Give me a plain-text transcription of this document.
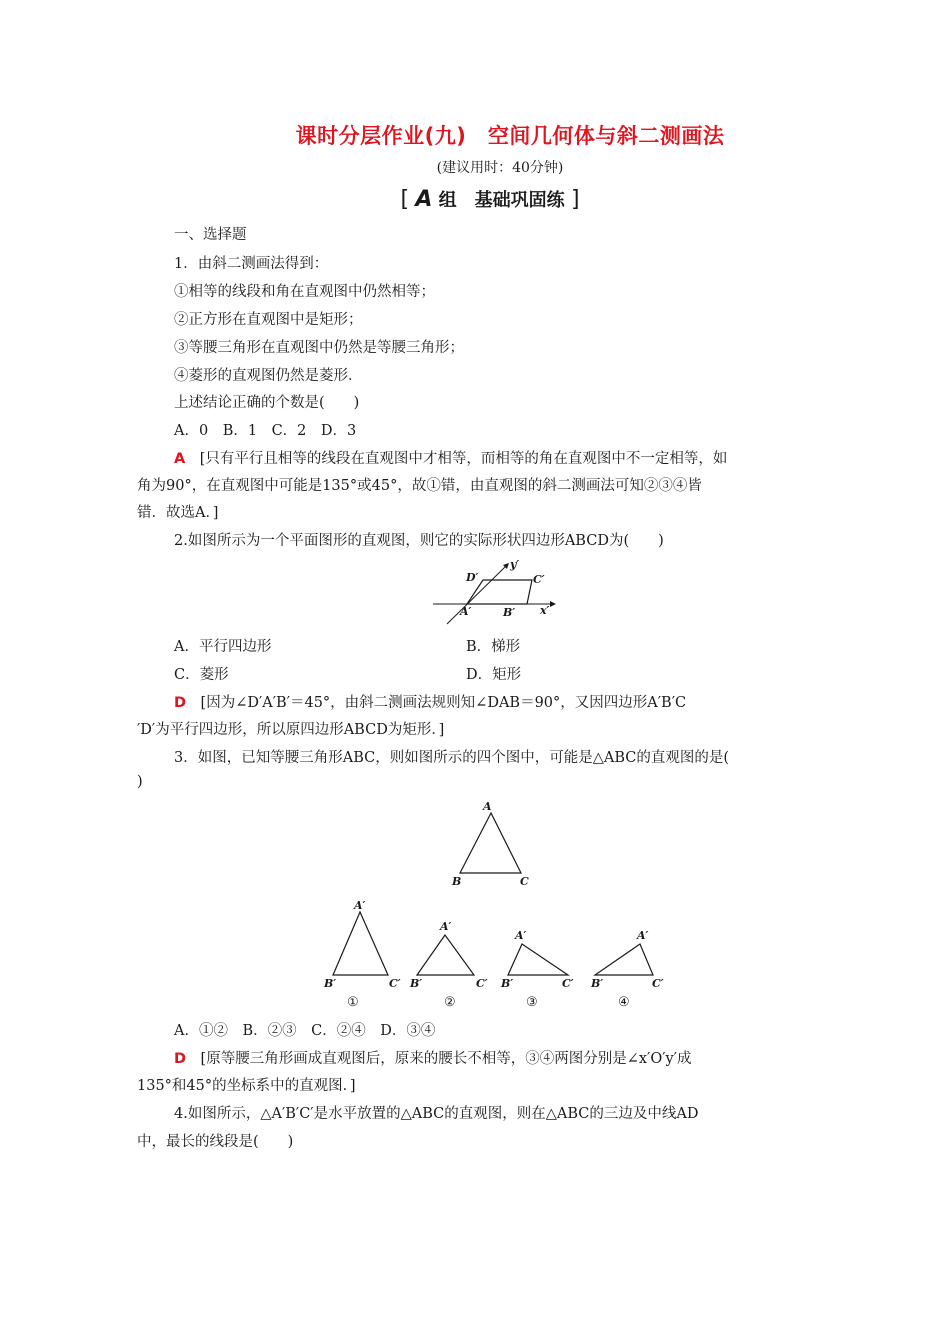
课时分层作业(九)　空间几何体与斜二测画法
(建议用时：40分钟)
[ A 组　基础巩固练 ]
一、选择题
1．由斜二测画法得到：
①相等的线段和角在直观图中仍然相等；
②正方形在直观图中是矩形；
③等腰三角形在直观图中仍然是等腰三角形；
④菱形的直观图仍然是菱形．
上述结论正确的个数是(　　)
A．0　B．1　C．2　D．3
A　 [只有平行且相等的线段在直观图中才相等，而相等的角在直观图中不一定相等，如
角为90°，在直观图中可能是135°或45°，故①错，由直观图的斜二测画法可知②③④皆
错．故选A．]
2.如图所示为一个平面图形的直观图，则它的实际形状四边形ABCD为(　　)
y′
x′
D′	C′
A′	B′
A．平行四边形	B．梯形
C．菱形	D．矩形
D　 [因为∠D′A′B′＝45°，由斜二测画法规则知∠DAB＝90°，又因四边形A′B′C
′D′为平行四边形，所以原四边形ABCD为矩形．]
3．如图，已知等腰三角形ABC，则如图所示的四个图中，可能是△ABC的直观图的是(
)
A
B	C
A′
B′	C′
①
A′
B′	C′
②
A′
B′	C′
③
A′
B′	C′
④
A．①②　B．②③　C．②④　D．③④
D　 [原等腰三角形画成直观图后，原来的腰长不相等，③④两图分别是∠x′O′y′成
135°和45°的坐标系中的直观图．]
4.如图所示，△A′B′C′是水平放置的△ABC的直观图，则在△ABC的三边及中线AD
中，最长的线段是(　　)
